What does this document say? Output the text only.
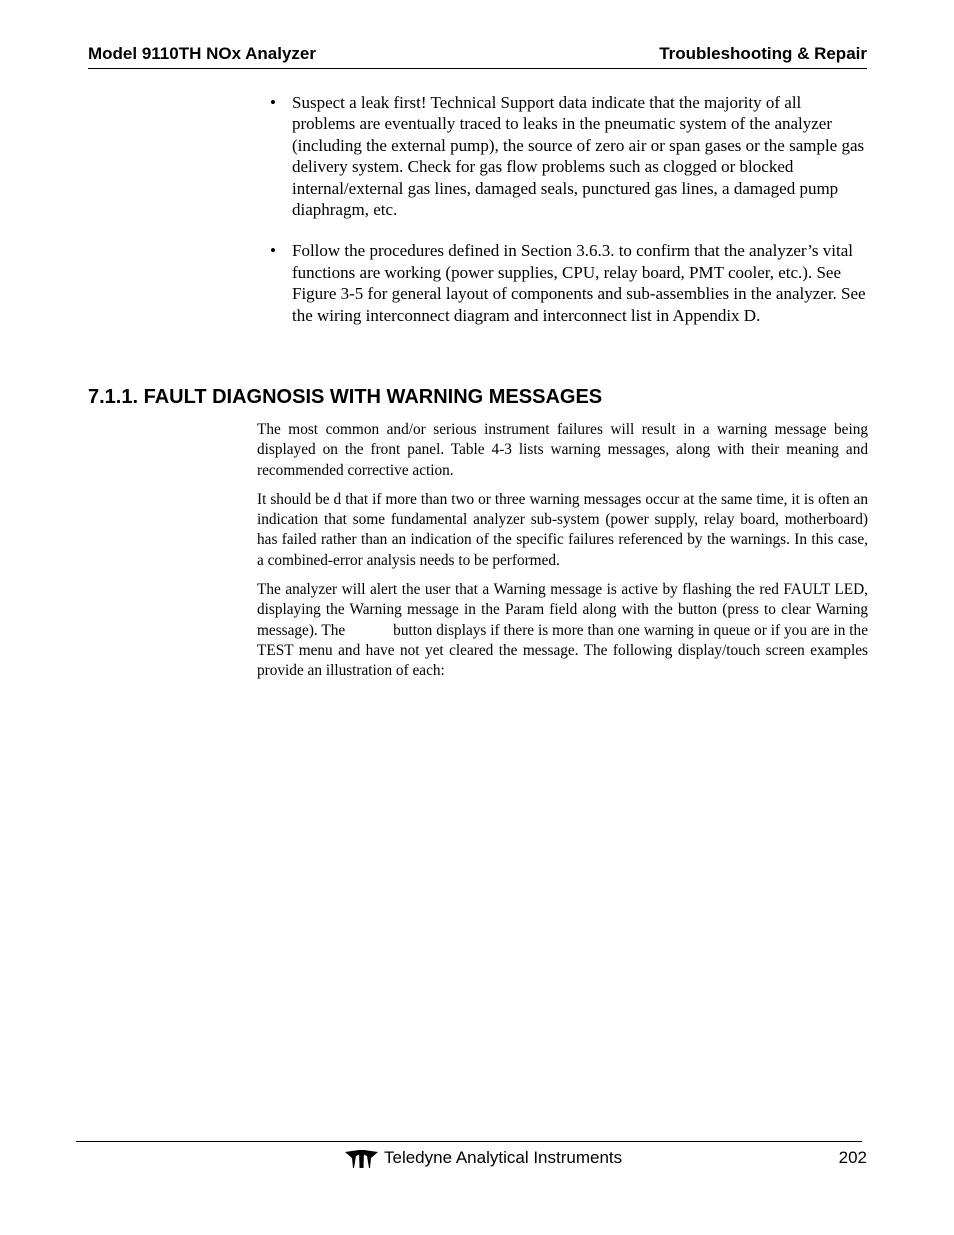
Model 9110TH NOx Analyzer	Troubleshooting & Repair
• Suspect a leak first! Technical Support data indicate that the majority of all problems are eventually traced to leaks in the pneumatic system of the analyzer (including the external pump), the source of zero air or span gases or the sample gas delivery system. Check for gas flow problems such as clogged or blocked internal/external gas lines, damaged seals, punctured gas lines, a damaged pump diaphragm, etc.
• Follow the procedures defined in Section 3.6.3. to confirm that the analyzer’s vital functions are working (power supplies, CPU, relay board, PMT cooler, etc.). See Figure 3-5 for general layout of components and sub-assemblies in the analyzer. See the wiring interconnect diagram and interconnect list in Appendix D.
7.1.1. FAULT DIAGNOSIS WITH WARNING MESSAGES

The most common and/or serious instrument failures will result in a warning message being displayed on the front panel. Table 4-3 lists warning messages, along with their meaning and recommended corrective action.

It should be d that if more than two or three warning messages occur at the same time, it is often an indication that some fundamental analyzer sub-system (power supply, relay board, motherboard) has failed rather than an indication of the specific failures referenced by the warnings. In this case, a combined-error analysis needs to be performed.

The analyzer will alert the user that a Warning message is active by flashing the red FAULT LED, displaying the Warning message in the Param field along with the button (press to clear Warning message). The	button displays if there is more than one warning in queue or if you are in the TEST menu and have not yet cleared the message. The following display/touch screen examples provide an illustration of each:

Teledyne Analytical Instruments	202
